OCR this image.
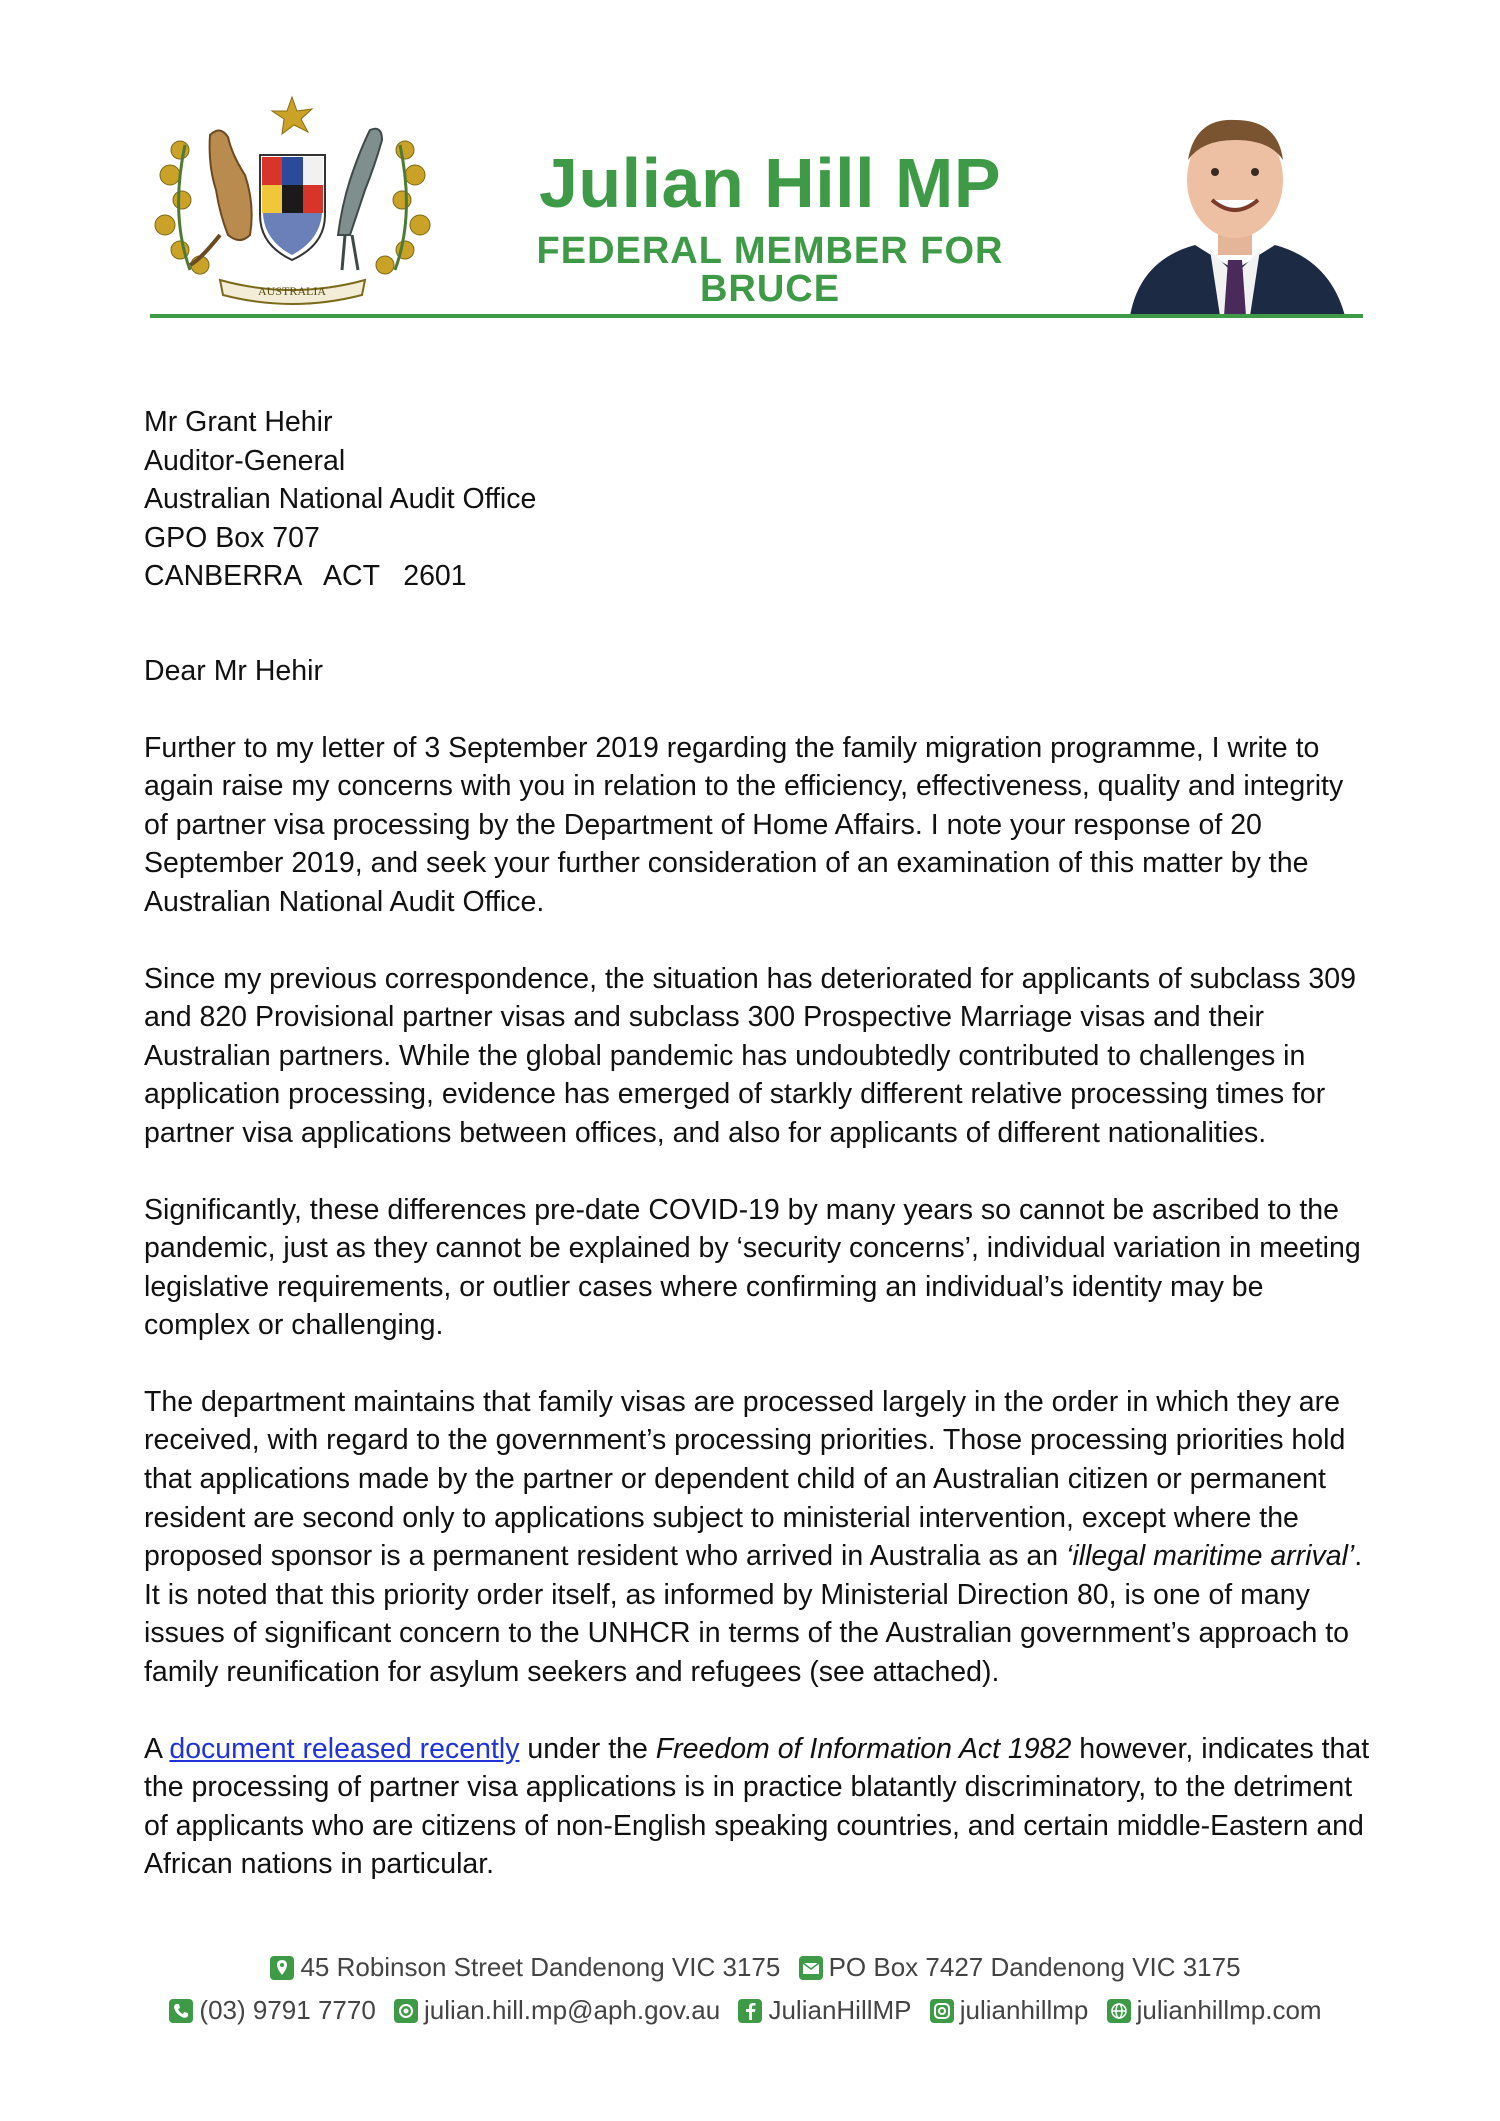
AUSTRALIA
Julian Hill MP
FEDERAL MEMBER FOR BRUCE
Mr Grant Hehir
Auditor-General
Australian National Audit Office
GPO Box 707
CANBERRA   ACT   2601

Dear Mr Hehir

Further to my letter of 3 September 2019 regarding the family migration programme, I write to again raise my concerns with you in relation to the efficiency, effectiveness, quality and integrity of partner visa processing by the Department of Home Affairs. I note your response of 20 September 2019, and seek your further consideration of an examination of this matter by the Australian National Audit Office.

Since my previous correspondence, the situation has deteriorated for applicants of subclass 309 and 820 Provisional partner visas and subclass 300 Prospective Marriage visas and their Australian partners. While the global pandemic has undoubtedly contributed to challenges in application processing, evidence has emerged of starkly different relative processing times for partner visa applications between offices, and also for applicants of different nationalities.

Significantly, these differences pre-date COVID-19 by many years so cannot be ascribed to the pandemic, just as they cannot be explained by ‘security concerns’, individual variation in meeting legislative requirements, or outlier cases where confirming an individual’s identity may be complex or challenging.

The department maintains that family visas are processed largely in the order in which they are received, with regard to the government’s processing priorities. Those processing priorities hold that applications made by the partner or dependent child of an Australian citizen or permanent resident are second only to applications subject to ministerial intervention, except where the proposed sponsor is a permanent resident who arrived in Australia as an ‘illegal maritime arrival’. It is noted that this priority order itself, as informed by Ministerial Direction 80, is one of many issues of significant concern to the UNHCR in terms of the Australian government’s approach to family reunification for asylum seekers and refugees (see attached).

A document released recently under the Freedom of Information Act 1982 however, indicates that the processing of partner visa applications is in practice blatantly discriminatory, to the detriment of applicants who are citizens of non-English speaking countries, and certain middle-Eastern and African nations in particular.

45 Robinson Street Dandenong VIC 3175
PO Box 7427 Dandenong VIC 3175
(03) 9791 7770
julian.hill.mp@aph.gov.au
JulianHillMP
julianhillmp
julianhillmp.com
